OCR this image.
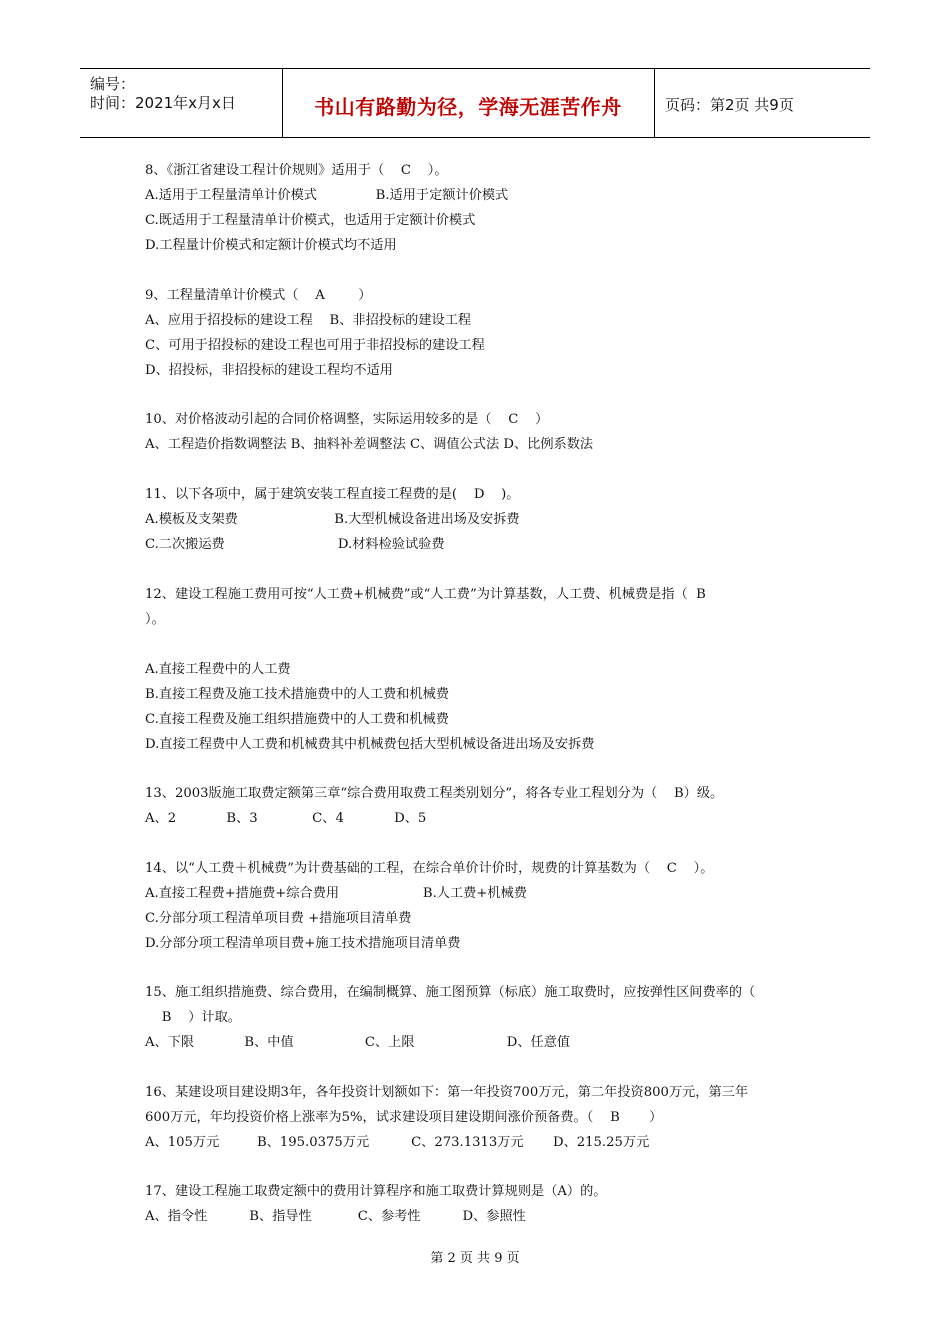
编号：
时间：2021年x月x日	书山有路勤为径，学海无涯苦作舟	页码：第2页 共9页
8、《浙江省建设工程计价规则》适用于（    C    ）。
A.适用于工程量清单计价模式              B.适用于定额计价模式
C.既适用于工程量清单计价模式，也适用于定额计价模式
D.工程量计价模式和定额计价模式均不适用
9、工程量清单计价模式（    A        ）
A、应用于招投标的建设工程    B、非招投标的建设工程
C、可用于招投标的建设工程也可用于非招投标的建设工程
D、招投标，非招投标的建设工程均不适用
10、对价格波动引起的合同价格调整，实际运用较多的是（    C    ）
A、工程造价指数调整法 B、抽料补差调整法 C、调值公式法 D、比例系数法
11、以下各项中，属于建筑安装工程直接工程费的是(    D    )。
A.模板及支架费                       B.大型机械设备进出场及安拆费
C.二次搬运费                           D.材料检验试验费
12、建设工程施工费用可按“人工费+机械费”或“人工费”为计算基数，人工费、机械费是指（  B
）。
A.直接工程费中的人工费
B.直接工程费及施工技术措施费中的人工费和机械费
C.直接工程费及施工组织措施费中的人工费和机械费
D.直接工程费中人工费和机械费其中机械费包括大型机械设备进出场及安拆费
13、2003版施工取费定额第三章“综合费用取费工程类别划分”，将各专业工程划分为（    B）级。
A、2            B、3             C、4            D、5
14、以“人工费＋机械费”为计费基础的工程，在综合单价计价时，规费的计算基数为（    C    ）。
A.直接工程费+措施费+综合费用                    B.人工费+机械费
C.分部分项工程清单项目费 +措施项目清单费
D.分部分项工程清单项目费+施工技术措施项目清单费
15、施工组织措施费、综合费用，在编制概算、施工图预算（标底）施工取费时，应按弹性区间费率的（
B    ）计取。
A、下限            B、中值                 C、上限                      D、任意值
16、某建设项目建设期3年，各年投资计划额如下：第一年投资700万元，第二年投资800万元，第三年
600万元，年均投资价格上涨率为5%，试求建设项目建设期间涨价预备费。（    B       ）
A、105万元         B、195.0375万元          C、273.1313万元       D、215.25万元
17、建设工程施工取费定额中的费用计算程序和施工取费计算规则是（A）的。
A、指令性          B、指导性           C、参考性          D、参照性
第 2 页 共 9 页
